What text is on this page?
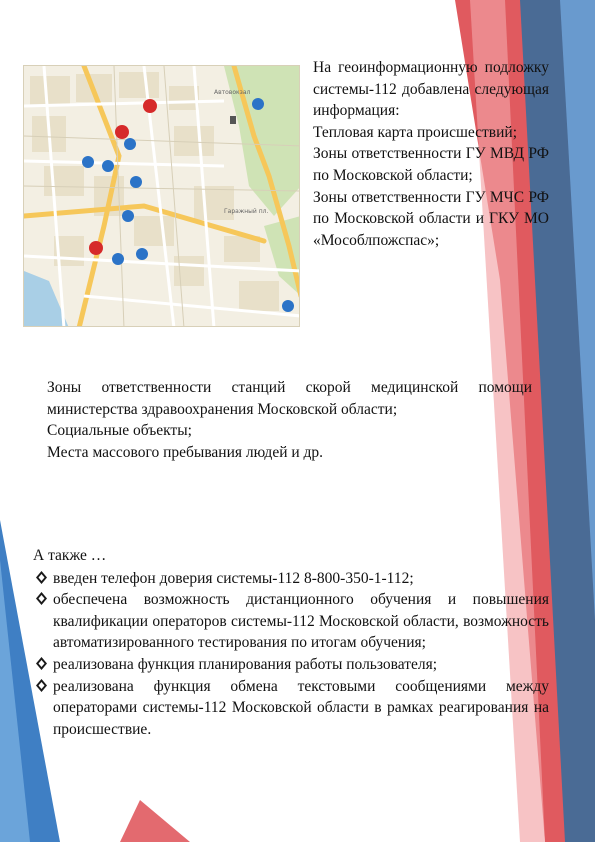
Автовокзал
Гаражный пл.

На геоинформационную подложку системы-112 добавлена следующая информация:

Тепловая карта происшествий;

Зоны ответственности ГУ МВД РФ по Московской области;

Зоны ответственности ГУ МЧС РФ по Московской области и ГКУ МО «Мособлпожспас»;

Зоны ответственности станций скорой медицинской помощи министерства здравоохранения Московской области;

Социальные объекты;

Места массового пребывания людей и др.

А также …

введен телефон доверия системы-112 8-800-350-1-112;
обеспечена возможность дистанционного обучения и повышения квалификации операторов системы-112 Московской области, возможность автоматизированного тестирования по итогам обучения;
реализована функция планирования работы пользователя;
реализована функция обмена текстовыми сообщениями между операторами системы-112 Московской области в рамках реагирования на происшествие.
